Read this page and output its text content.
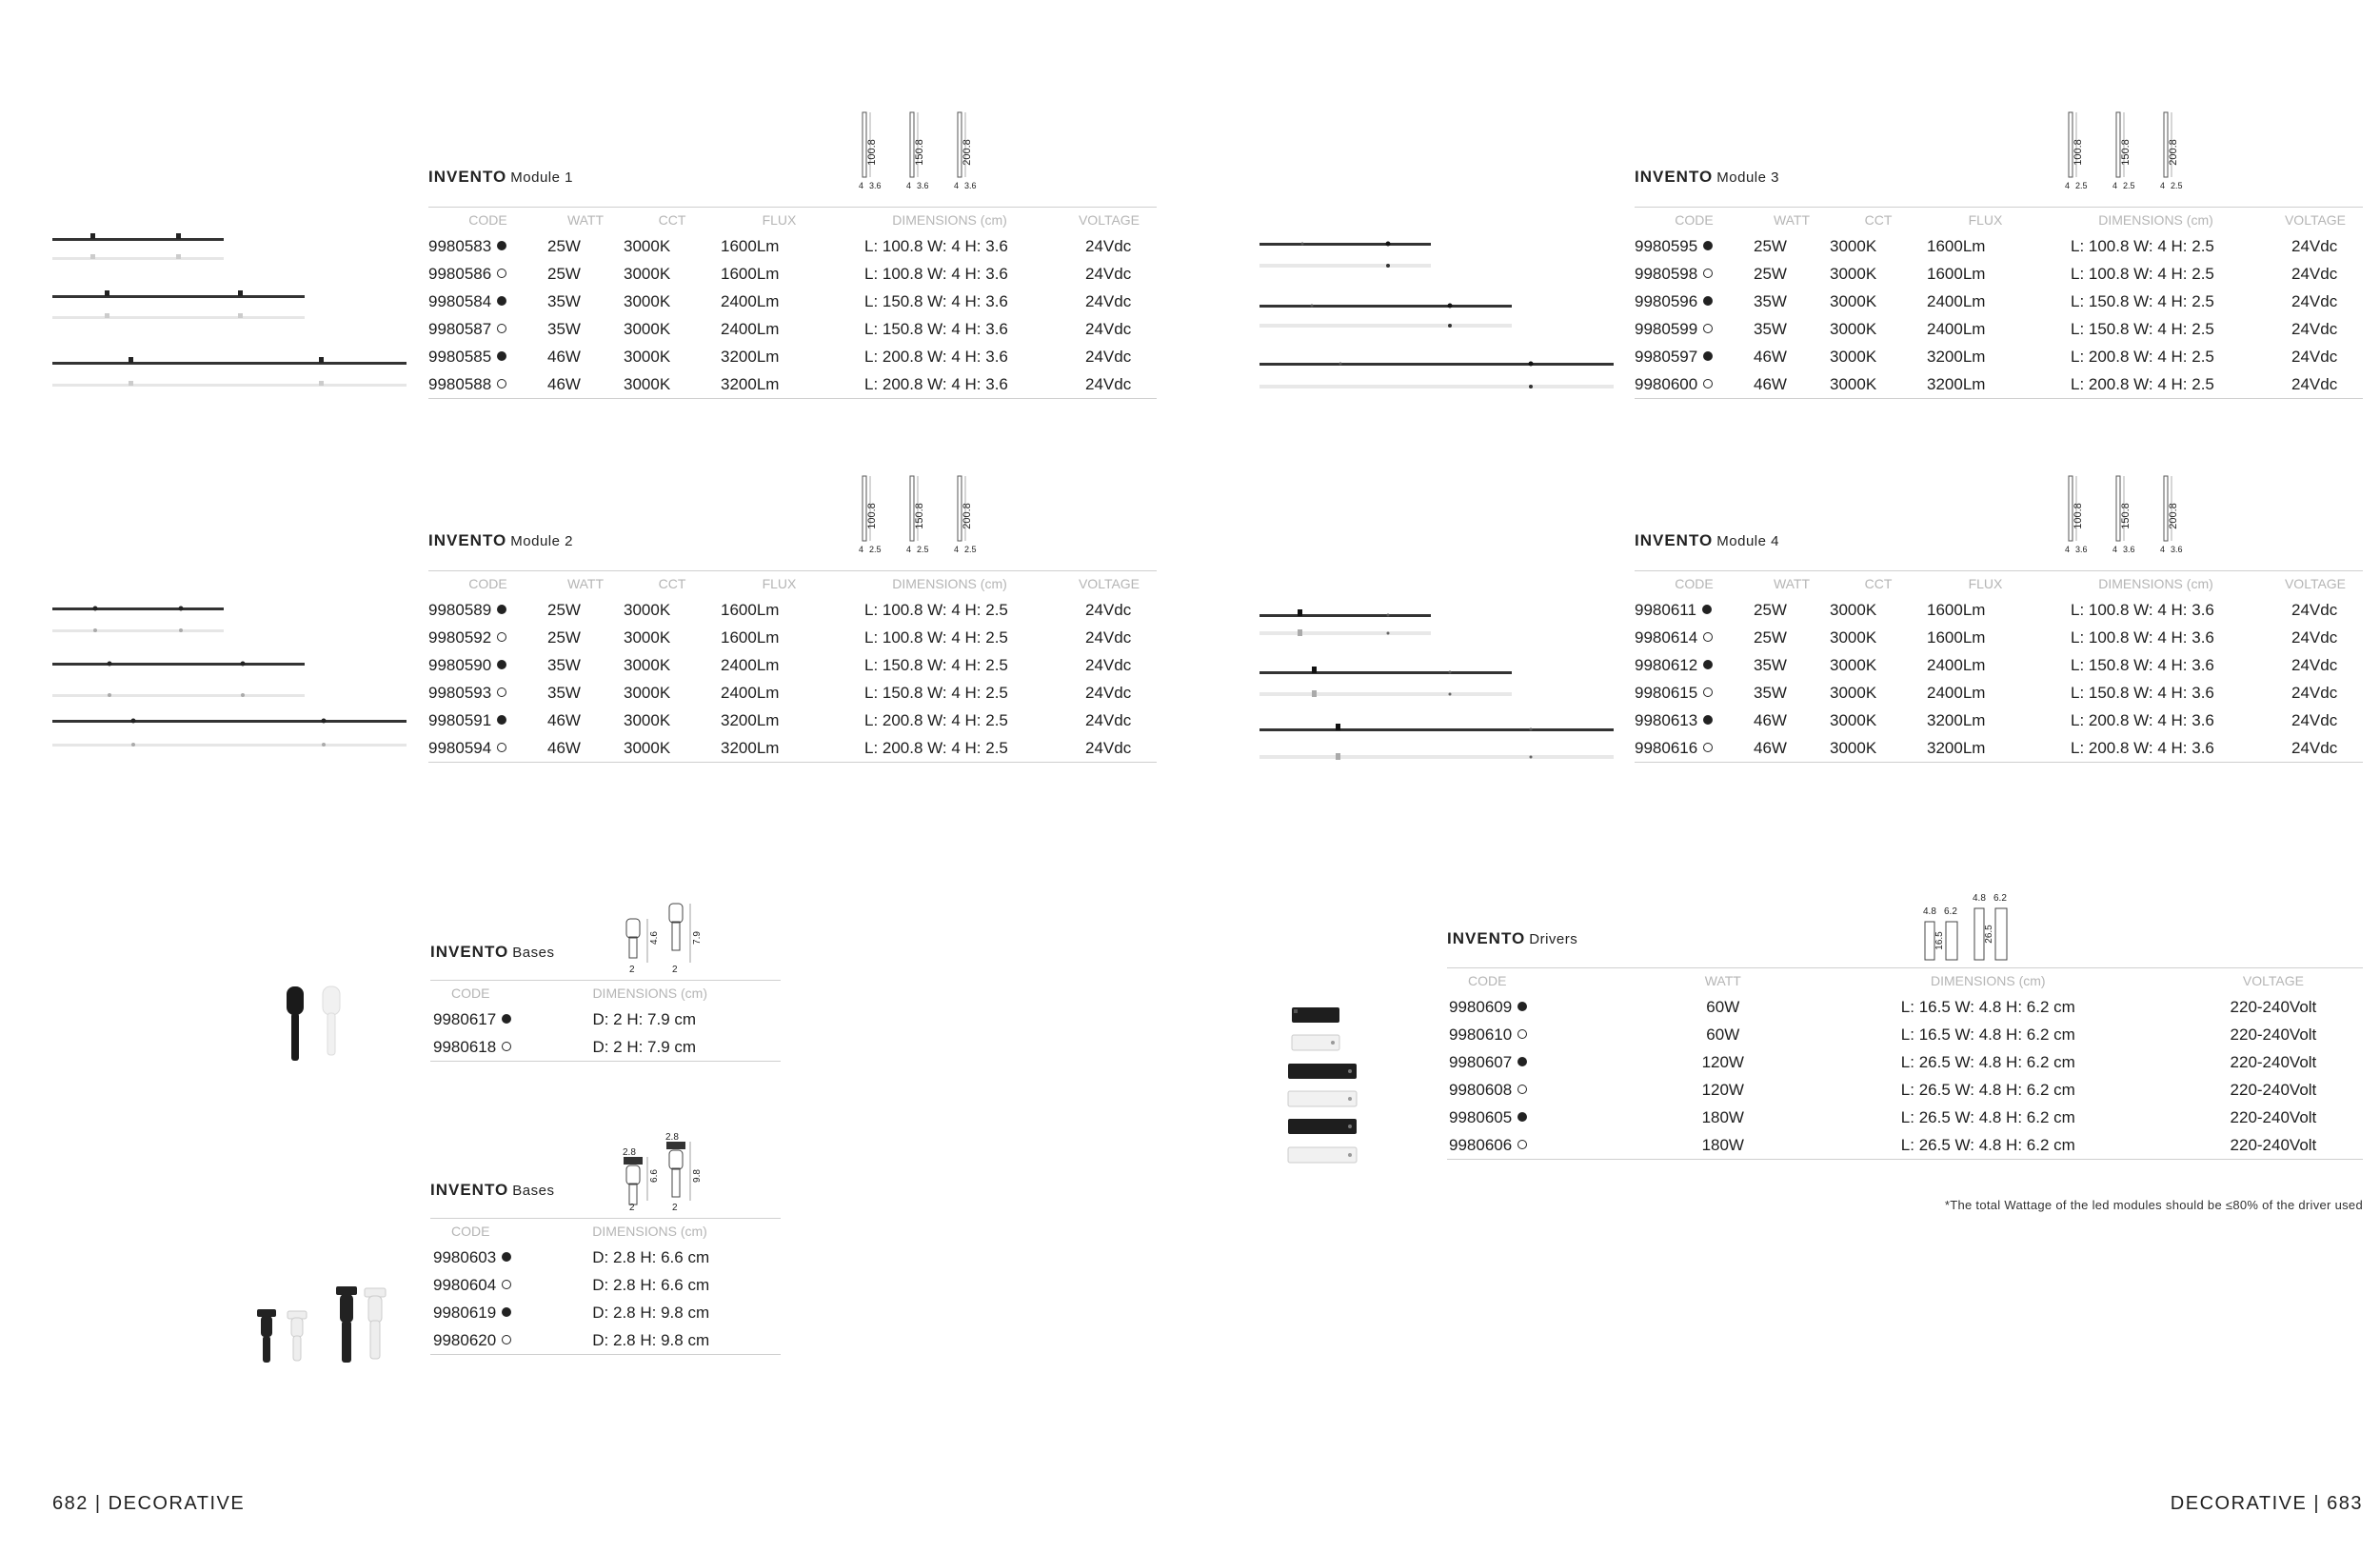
100.8
4 3.6
150.8
4 3.6
200.8
4 3.6
INVENTO Module 1
CODE	WATT	CCT	FLUX	DIMENSIONS (cm)	VOLTAGE
9980583	25W	3000K	1600Lm	L: 100.8 W: 4 H: 3.6	24Vdc
9980586	25W	3000K	1600Lm	L: 100.8 W: 4 H: 3.6	24Vdc
9980584	35W	3000K	2400Lm	L: 150.8 W: 4 H: 3.6	24Vdc
9980587	35W	3000K	2400Lm	L: 150.8 W: 4 H: 3.6	24Vdc
9980585	46W	3000K	3200Lm	L: 200.8 W: 4 H: 3.6	24Vdc
9980588	46W	3000K	3200Lm	L: 200.8 W: 4 H: 3.6	24Vdc
100.8
4 2.5
150.8
4 2.5
200.8
4 2.5
INVENTO Module 2
CODE	WATT	CCT	FLUX	DIMENSIONS (cm)	VOLTAGE
9980589	25W	3000K	1600Lm	L: 100.8 W: 4 H: 2.5	24Vdc
9980592	25W	3000K	1600Lm	L: 100.8 W: 4 H: 2.5	24Vdc
9980590	35W	3000K	2400Lm	L: 150.8 W: 4 H: 2.5	24Vdc
9980593	35W	3000K	2400Lm	L: 150.8 W: 4 H: 2.5	24Vdc
9980591	46W	3000K	3200Lm	L: 200.8 W: 4 H: 2.5	24Vdc
9980594	46W	3000K	3200Lm	L: 200.8 W: 4 H: 2.5	24Vdc
100.8
4 2.5
150.8
4 2.5
200.8
4 2.5
INVENTO Module 3
CODE	WATT	CCT	FLUX	DIMENSIONS (cm)	VOLTAGE
9980595	25W	3000K	1600Lm	L: 100.8 W: 4 H: 2.5	24Vdc
9980598	25W	3000K	1600Lm	L: 100.8 W: 4 H: 2.5	24Vdc
9980596	35W	3000K	2400Lm	L: 150.8 W: 4 H: 2.5	24Vdc
9980599	35W	3000K	2400Lm	L: 150.8 W: 4 H: 2.5	24Vdc
9980597	46W	3000K	3200Lm	L: 200.8 W: 4 H: 2.5	24Vdc
9980600	46W	3000K	3200Lm	L: 200.8 W: 4 H: 2.5	24Vdc
100.8
4 3.6
150.8
4 3.6
200.8
4 3.6
INVENTO Module 4
CODE	WATT	CCT	FLUX	DIMENSIONS (cm)	VOLTAGE
9980611	25W	3000K	1600Lm	L: 100.8 W: 4 H: 3.6	24Vdc
9980614	25W	3000K	1600Lm	L: 100.8 W: 4 H: 3.6	24Vdc
9980612	35W	3000K	2400Lm	L: 150.8 W: 4 H: 3.6	24Vdc
9980615	35W	3000K	2400Lm	L: 150.8 W: 4 H: 3.6	24Vdc
9980613	46W	3000K	3200Lm	L: 200.8 W: 4 H: 3.6	24Vdc
9980616	46W	3000K	3200Lm	L: 200.8 W: 4 H: 3.6	24Vdc
4.6
2
7.9
2
INVENTO Bases
CODE	DIMENSIONS (cm)
9980617	D: 2 H: 7.9 cm
9980618	D: 2 H: 7.9 cm
6.6
2
2.8
9.8
2
2.8
INVENTO Bases
CODE	DIMENSIONS (cm)
9980603	D: 2.8 H: 6.6 cm
9980604	D: 2.8 H: 6.6 cm
9980619	D: 2.8 H: 9.8 cm
9980620	D: 2.8 H: 9.8 cm
4.8 6.2
16.5
4.8 6.2
26.5
INVENTO Drivers
CODE	WATT	DIMENSIONS (cm)	VOLTAGE
9980609	60W	L: 16.5 W: 4.8 H: 6.2 cm	220-240Volt
9980610	60W	L: 16.5 W: 4.8 H: 6.2 cm	220-240Volt
9980607	120W	L: 26.5 W: 4.8 H: 6.2 cm	220-240Volt
9980608	120W	L: 26.5 W: 4.8 H: 6.2 cm	220-240Volt
9980605	180W	L: 26.5 W: 4.8 H: 6.2 cm	220-240Volt
9980606	180W	L: 26.5 W: 4.8 H: 6.2 cm	220-240Volt
*The total Wattage of the led modules should be ≤80% of the driver used
682 | DECORATIVE	DECORATIVE | 683
